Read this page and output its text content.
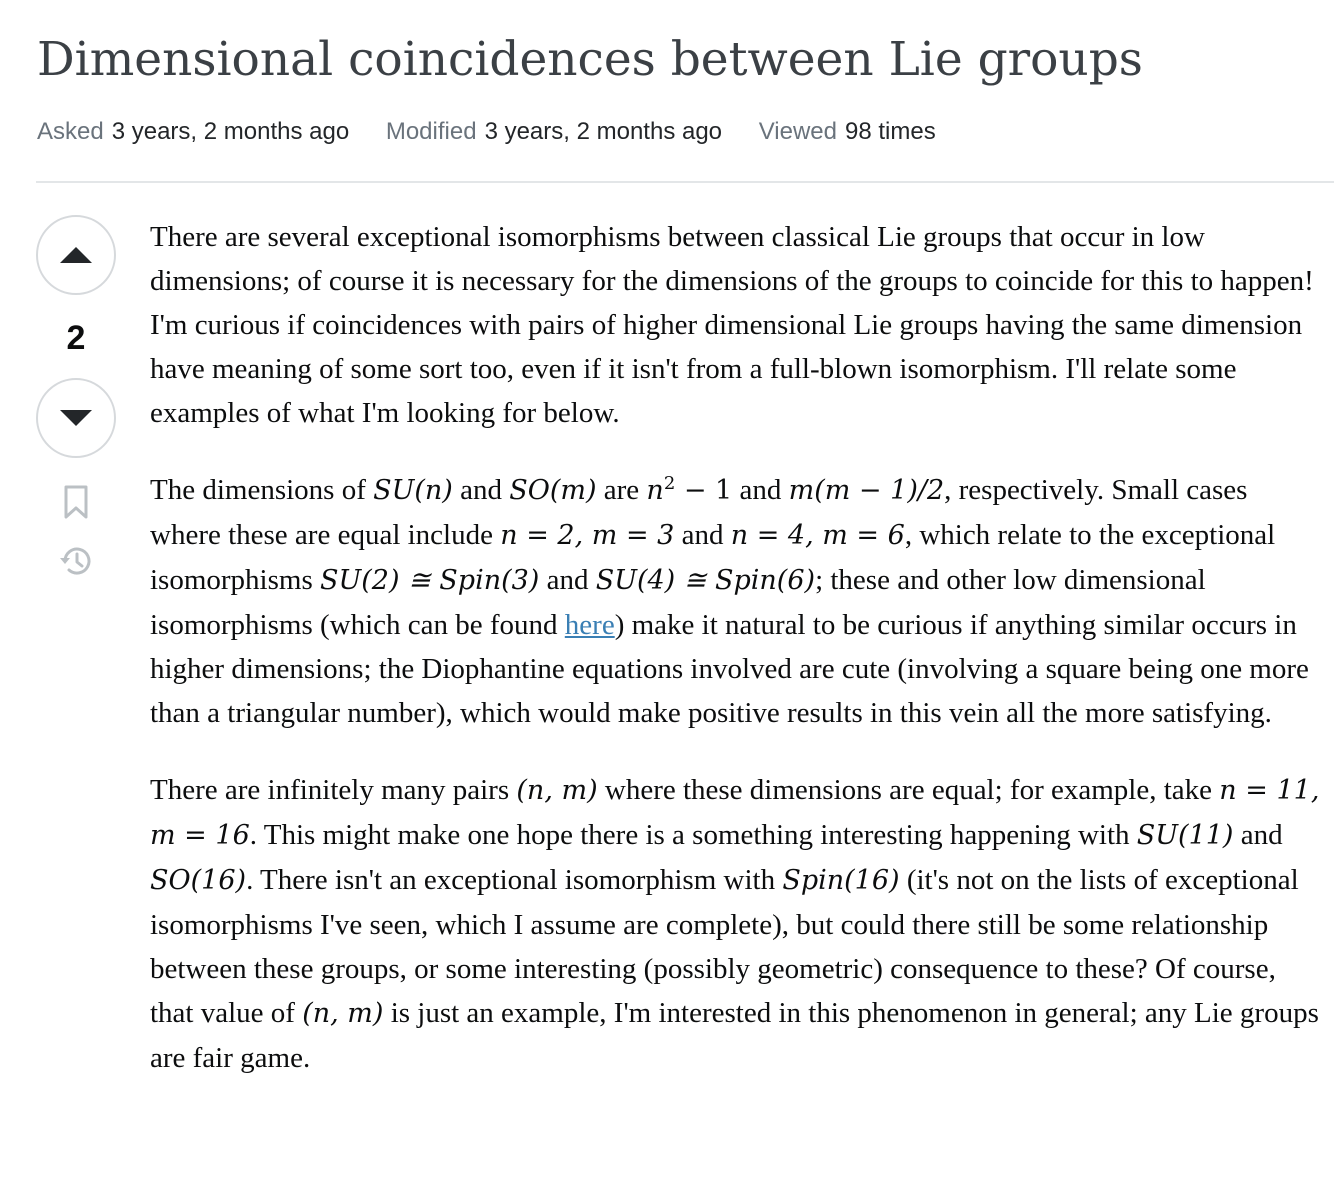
Dimensional coincidences between Lie groups
Asked 3 years, 2 months ago Modified 3 years, 2 months ago Viewed 98 times
2

There are several exceptional isomorphisms between classical Lie groups that occur in low dimensions; of course it is necessary for the dimensions of the groups to coincide for this to happen! I'm curious if coincidences with pairs of higher dimensional Lie groups having the same dimension have meaning of some sort too, even if it isn't from a full-blown isomorphism. I'll relate some examples of what I'm looking for below.

The dimensions of SU(n) and SO(m) are $n^2 - 1$ and m(m − 1)/2, respectively. Small cases where these are equal include n = 2, m = 3 and n = 4, m = 6, which relate to the exceptional isomorphisms SU(2) ≅ Spin(3) and SU(4) ≅ Spin(6); these and other low dimensional isomorphisms (which can be found here) make it natural to be curious if anything similar occurs in higher dimensions; the Diophantine equations involved are cute (involving a square being one more than a triangular number), which would make positive results in this vein all the more satisfying.

There are infinitely many pairs (n, m) where these dimensions are equal; for example, take n = 11, m = 16. This might make one hope there is a something interesting happening with SU(11) and SO(16). There isn't an exceptional isomorphism with Spin(16) (it's not on the lists of exceptional isomorphisms I've seen, which I assume are complete), but could there still be some relationship between these groups, or some interesting (possibly geometric) consequence to these? Of course, that value of (n, m) is just an example, I'm interested in this phenomenon in general; any Lie groups are fair game.
